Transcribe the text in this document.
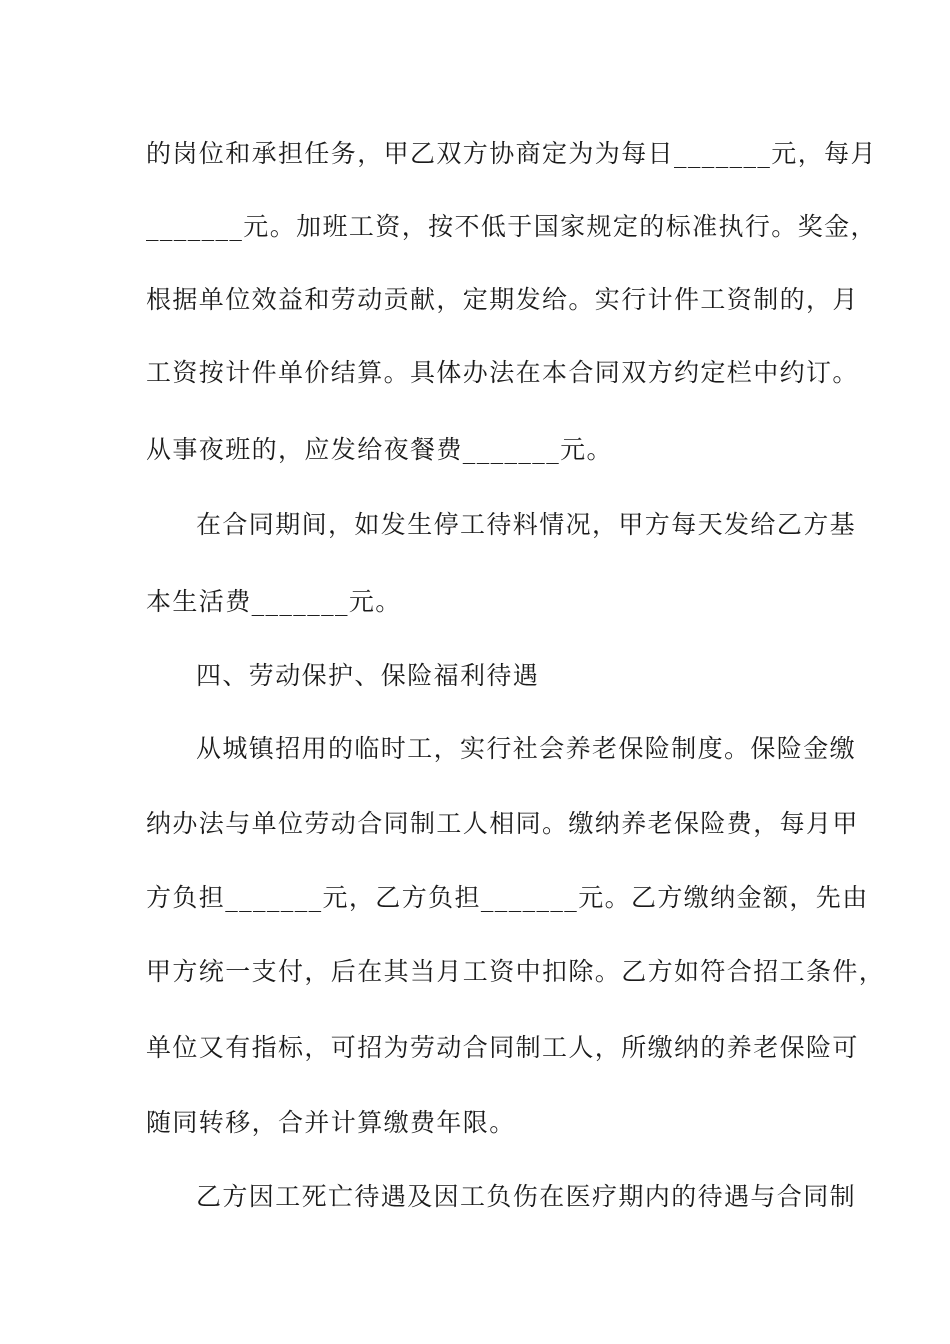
的岗位和承担任务，甲乙双方协商定为为每日_______元，每月
_______元。加班工资，按不低于国家规定的标准执行。奖金，
根据单位效益和劳动贡献，定期发给。实行计件工资制的，月
工资按计件单价结算。具体办法在本合同双方约定栏中约订。
从事夜班的，应发给夜餐费_______元。
在合同期间，如发生停工待料情况，甲方每天发给乙方基
本生活费_______元。
四、劳动保护、保险福利待遇
从城镇招用的临时工，实行社会养老保险制度。保险金缴
纳办法与单位劳动合同制工人相同。缴纳养老保险费，每月甲
方负担_______元，乙方负担_______元。乙方缴纳金额，先由
甲方统一支付，后在其当月工资中扣除。乙方如符合招工条件，
单位又有指标，可招为劳动合同制工人，所缴纳的养老保险可
随同转移，合并计算缴费年限。
乙方因工死亡待遇及因工负伤在医疗期内的待遇与合同制
